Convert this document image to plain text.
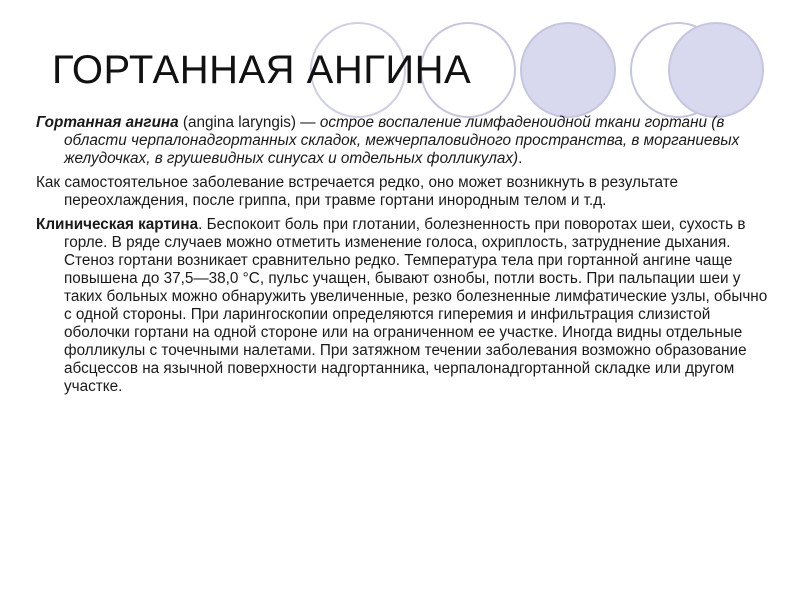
ГОРТАННАЯ АНГИНА

Гортанная ангина (angina laryngis) — острое воспаление лимфаденоидной ткани гортани (в области черпалонадгортанных складок, межчерпаловидного пространства, в морганиевых желудочках, в грушевидных синусах и отдельных фолликулах).

Как самостоятельное заболевание встречается редко, оно может возникнуть в результате переохлаждения, после гриппа, при травме гортани инородным телом и т.д.

Клиническая картина. Беспокоит боль при глотании, болезненность при поворотах шеи, сухость в горле. В ряде случаев можно отметить изменение голоса, охриплость, затруднение дыхания. Стеноз гортани возникает сравнительно редко. Температура тела при гортанной ангине чаще повышена до 37,5—38,0 °С, пульс учащен, бывают ознобы, потли вость. При пальпации шеи у таких больных можно обнаружить увеличенные, резко болезненные лимфатические узлы, обычно с одной стороны. При ларингоскопии определяются гиперемия и инфильтрация слизистой оболочки гортани на одной стороне или на ограниченном ее участке. Иногда видны отдельные фолликулы с точечными налетами. При затяжном течении заболевания возможно образование абсцессов на язычной поверхности надгортанника, черпалонадгортанной складке или другом участке.
